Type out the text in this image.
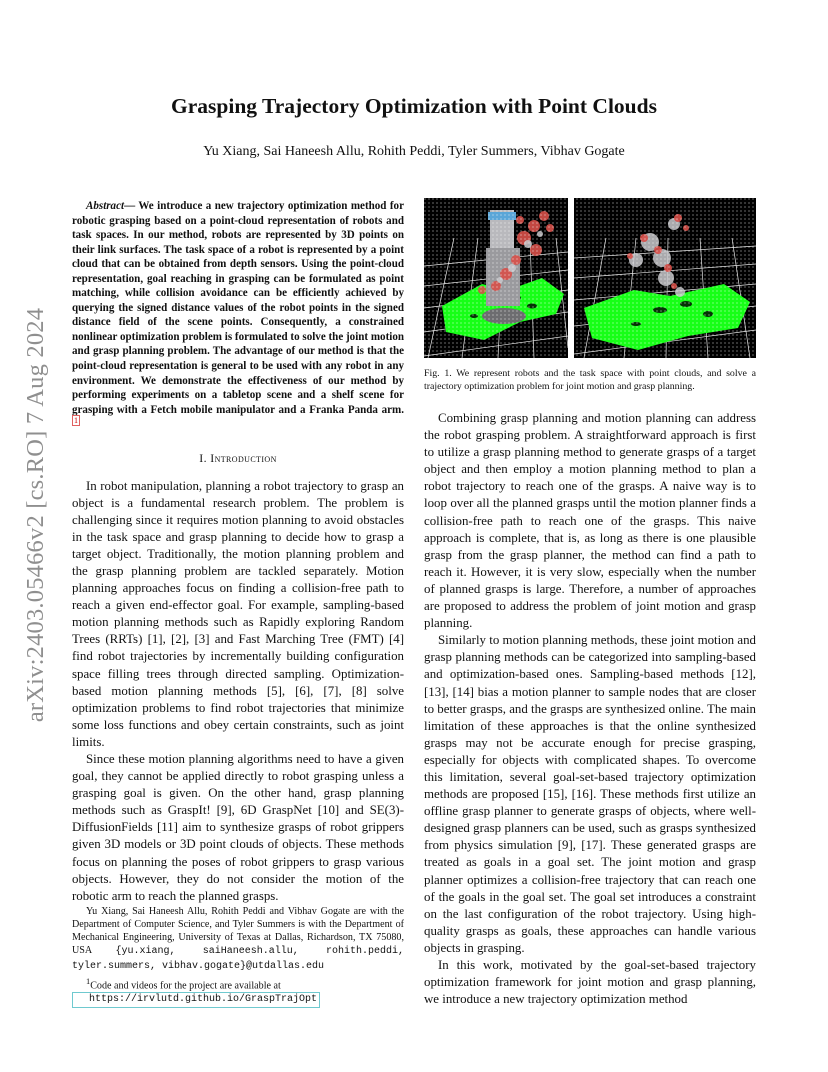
arXiv:2403.05466v2 [cs.RO] 7 Aug 2024
Grasping Trajectory Optimization with Point Clouds
Yu Xiang, Sai Haneesh Allu, Rohith Peddi, Tyler Summers, Vibhav Gogate

Abstract— We introduce a new trajectory optimization method for robotic grasping based on a point-cloud representation of robots and task spaces. In our method, robots are represented by 3D points on their link surfaces. The task space of a robot is represented by a point cloud that can be obtained from depth sensors. Using the point-cloud representation, goal reaching in grasping can be formulated as point matching, while collision avoidance can be efficiently achieved by querying the signed distance values of the robot points in the signed distance field of the scene points. Consequently, a constrained nonlinear optimization problem is formulated to solve the joint motion and grasp planning problem. The advantage of our method is that the point-cloud representation is general to be used with any robot in any environment. We demonstrate the effectiveness of our method by performing experiments on a tabletop scene and a shelf scene for grasping with a Fetch mobile manipulator and a Franka Panda arm. $^1$

I. Introduction

In robot manipulation, planning a robot trajectory to grasp an object is a fundamental research problem. The problem is challenging since it requires motion planning to avoid obstacles in the task space and grasp planning to decide how to grasp a target object. Traditionally, the motion planning problem and the grasp planning problem are tackled separately. Motion planning approaches focus on finding a collision-free path to reach a given end-effector goal. For example, sampling-based motion planning methods such as Rapidly exploring Random Trees (RRTs) [1], [2], [3] and Fast Marching Tree (FMT) [4] find robot trajectories by incrementally building configuration space filling trees through directed sampling. Optimization-based motion planning methods [5], [6], [7], [8] solve optimization problems to find robot trajectories that minimize some loss functions and obey certain constraints, such as joint limits.

Since these motion planning algorithms need to have a given goal, they cannot be applied directly to robot grasping unless a grasping goal is given. On the other hand, grasp planning methods such as GraspIt! [9], 6D GraspNet [10] and SE(3)-DiffusionFields [11] aim to synthesize grasps of robot grippers given 3D models or 3D point clouds of objects. These methods focus on planning the poses of robot grippers to grasp various objects. However, they do not consider the motion of the robotic arm to reach the planned grasps.

Yu Xiang, Sai Haneesh Allu, Rohith Peddi and Vibhav Gogate are with the Department of Computer Science, and Tyler Summers is with the Department of Mechanical Engineering, University of Texas at Dallas, Richardson, TX 75080, USA {yu.xiang, saiHaneesh.allu, rohith.peddi, tyler.summers, vibhav.gogate}@utdallas.edu

$^1$Code and videos for the project are available at
https://irvlutd.github.io/GraspTrajOpt

Fig. 1. We represent robots and the task space with point clouds, and solve a trajectory optimization problem for joint motion and grasp planning.

Combining grasp planning and motion planning can address the robot grasping problem. A straightforward approach is first to utilize a grasp planning method to generate grasps of a target object and then employ a motion planning method to plan a robot trajectory to reach one of the grasps. A naive way is to loop over all the planned grasps until the motion planner finds a collision-free path to reach one of the grasps. This naive approach is complete, that is, as long as there is one plausible grasp from the grasp planner, the method can find a path to reach it. However, it is very slow, especially when the number of planned grasps is large. Therefore, a number of approaches are proposed to address the problem of joint motion and grasp planning.

Similarly to motion planning methods, these joint motion and grasp planning methods can be categorized into sampling-based and optimization-based ones. Sampling-based methods [12], [13], [14] bias a motion planner to sample nodes that are closer to better grasps, and the grasps are synthesized online. The main limitation of these approaches is that the online synthesized grasps may not be accurate enough for precise grasping, especially for objects with complicated shapes. To overcome this limitation, several goal-set-based trajectory optimization methods are proposed [15], [16]. These methods first utilize an offline grasp planner to generate grasps of objects, where well-designed grasp planners can be used, such as grasps synthesized from physics simulation [9], [17]. These generated grasps are treated as goals in a goal set. The joint motion and grasp planner optimizes a collision-free trajectory that can reach one of the goals in the goal set. The goal set introduces a constraint on the last configuration of the robot trajectory. Using high-quality grasps as goals, these approaches can handle various objects in grasping.

In this work, motivated by the goal-set-based trajectory optimization framework for joint motion and grasp planning, we introduce a new trajectory optimization method
